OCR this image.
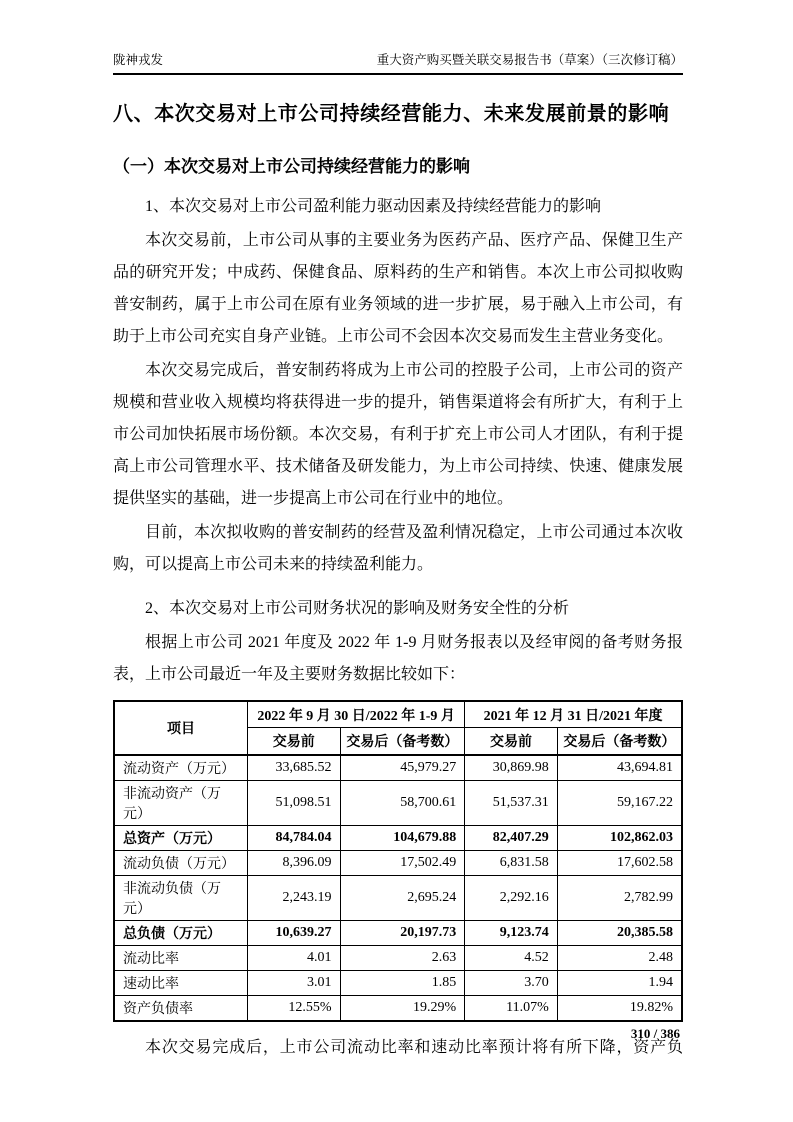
陇神戎发	重大资产购买暨关联交易报告书（草案）（三次修订稿）
八、本次交易对上市公司持续经营能力、未来发展前景的影响
（一）本次交易对上市公司持续经营能力的影响
1、本次交易对上市公司盈利能力驱动因素及持续经营能力的影响

本次交易前，上市公司从事的主要业务为医药产品、医疗产品、保健卫生产品的研究开发；中成药、保健食品、原料药的生产和销售。本次上市公司拟收购普安制药，属于上市公司在原有业务领域的进一步扩展，易于融入上市公司，有助于上市公司充实自身产业链。上市公司不会因本次交易而发生主营业务变化。

本次交易完成后，普安制药将成为上市公司的控股子公司，上市公司的资产规模和营业收入规模均将获得进一步的提升，销售渠道将会有所扩大，有利于上市公司加快拓展市场份额。本次交易，有利于扩充上市公司人才团队，有利于提高上市公司管理水平、技术储备及研发能力，为上市公司持续、快速、健康发展提供坚实的基础，进一步提高上市公司在行业中的地位。

目前，本次拟收购的普安制药的经营及盈利情况稳定，上市公司通过本次收购，可以提高上市公司未来的持续盈利能力。

2、本次交易对上市公司财务状况的影响及财务安全性的分析

根据上市公司 2021 年度及 2022 年 1-9 月财务报表以及经审阅的备考财务报表，上市公司最近一年及主要财务数据比较如下：

项目	2022 年 9 月 30 日/2022 年 1-9 月		2021 年 12 月 31 日/2021 年度	
	交易前	交易后（备考数）	交易前	交易后（备考数）
流动资产（万元）	33,685.52	45,979.27	30,869.98	43,694.81
非流动资产（万元）	51,098.51	58,700.61	51,537.31	59,167.22
总资产（万元）	84,784.04	104,679.88	82,407.29	102,862.03
流动负债（万元）	8,396.09	17,502.49	6,831.58	17,602.58
非流动负债（万元）	2,243.19	2,695.24	2,292.16	2,782.99
总负债（万元）	10,639.27	20,197.73	9,123.74	20,385.58
流动比率	4.01	2.63	4.52	2.48
速动比率	3.01	1.85	3.70	1.94
资产负债率	12.55%	19.29%	11.07%	19.82%

本次交易完成后，上市公司流动比率和速动比率预计将有所下降，资产负

310 / 386
